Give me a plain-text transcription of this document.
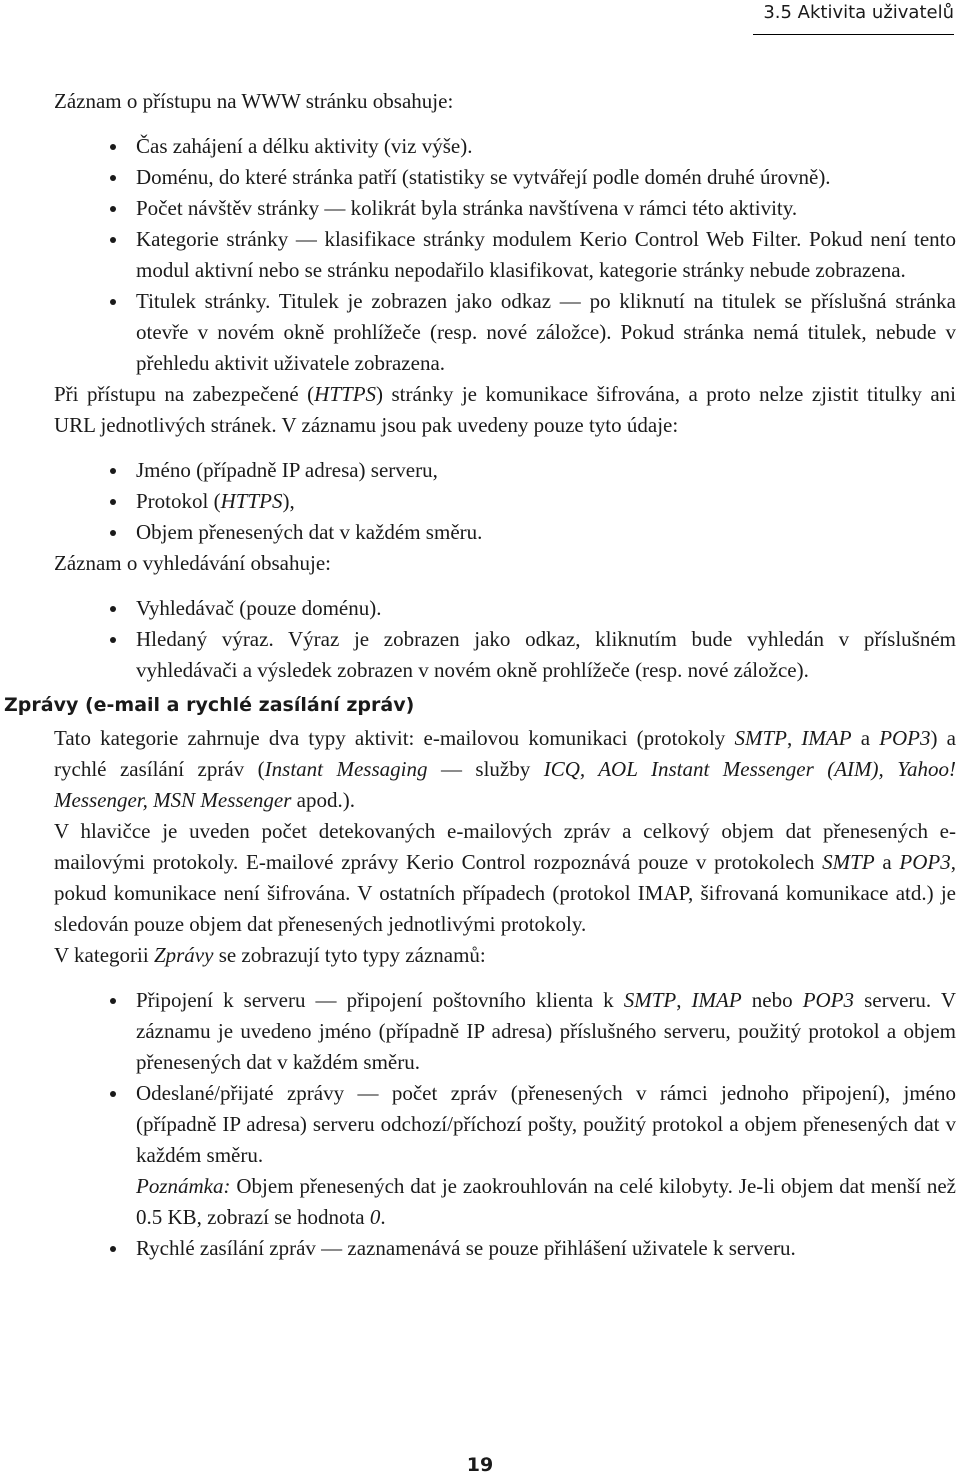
3.5 Aktivita uživatelů

Záznam o přístupu na WWW stránku obsahuje:

Čas zahájení a délku aktivity (viz výše).
Doménu, do které stránka patří (statistiky se vytvářejí podle domén druhé úrovně).
Počet návštěv stránky — kolikrát byla stránka navštívena v rámci této aktivity.
Kategorie stránky — klasifikace stránky modulem Kerio Control Web Filter. Pokud není tento modul aktivní nebo se stránku nepodařilo klasifikovat, kategorie stránky nebude zobrazena.
Titulek stránky. Titulek je zobrazen jako odkaz — po kliknutí na titulek se příslušná stránka otevře v novém okně prohlížeče (resp. nové záložce). Pokud stránka nemá titulek, nebude v přehledu aktivit uživatele zobrazena.

Při přístupu na zabezpečené (HTTPS) stránky je komunikace šifrována, a proto nelze zjistit titulky ani URL jednotlivých stránek. V záznamu jsou pak uvedeny pouze tyto údaje:

Jméno (případně IP adresa) serveru,
Protokol (HTTPS),
Objem přenesených dat v každém směru.

Záznam o vyhledávání obsahuje:

Vyhledávač (pouze doménu).
Hledaný výraz. Výraz je zobrazen jako odkaz, kliknutím bude vyhledán v příslušném vyhledávači a výsledek zobrazen v novém okně prohlížeče (resp. nové záložce).

Zprávy (e-mail a rychlé zasílání zpráv)

Tato kategorie zahrnuje dva typy aktivit: e-mailovou komunikaci (protokoly SMTP, IMAP a POP3) a rychlé zasílání zpráv (Instant Messaging — služby ICQ, AOL Instant Messenger (AIM), Yahoo! Messenger, MSN Messenger apod.).

V hlavičce je uveden počet detekovaných e-mailových zpráv a celkový objem dat přenesených e-mailovými protokoly. E-mailové zprávy Kerio Control rozpoznává pouze v protokolech SMTP a POP3, pokud komunikace není šifrována. V ostatních případech (protokol IMAP, šifrovaná komunikace atd.) je sledován pouze objem dat přenesených jednotlivými protokoly.

V kategorii Zprávy se zobrazují tyto typy záznamů:

Připojení k serveru — připojení poštovního klienta k SMTP, IMAP nebo POP3 serveru. V záznamu je uvedeno jméno (případně IP adresa) příslušného serveru, použitý protokol a objem přenesených dat v každém směru.
Odeslané/přijaté zprávy — počet zpráv (přenesených v rámci jednoho připojení), jméno (případně IP adresa) serveru odchozí/příchozí pošty, použitý protokol a objem přenesených dat v každém směru.
Poznámka: Objem přenesených dat je zaokrouhlován na celé kilobyty. Je-li objem dat menší než 0.5 KB, zobrazí se hodnota 0.
Rychlé zasílání zpráv — zaznamenává se pouze přihlášení uživatele k serveru.
19
